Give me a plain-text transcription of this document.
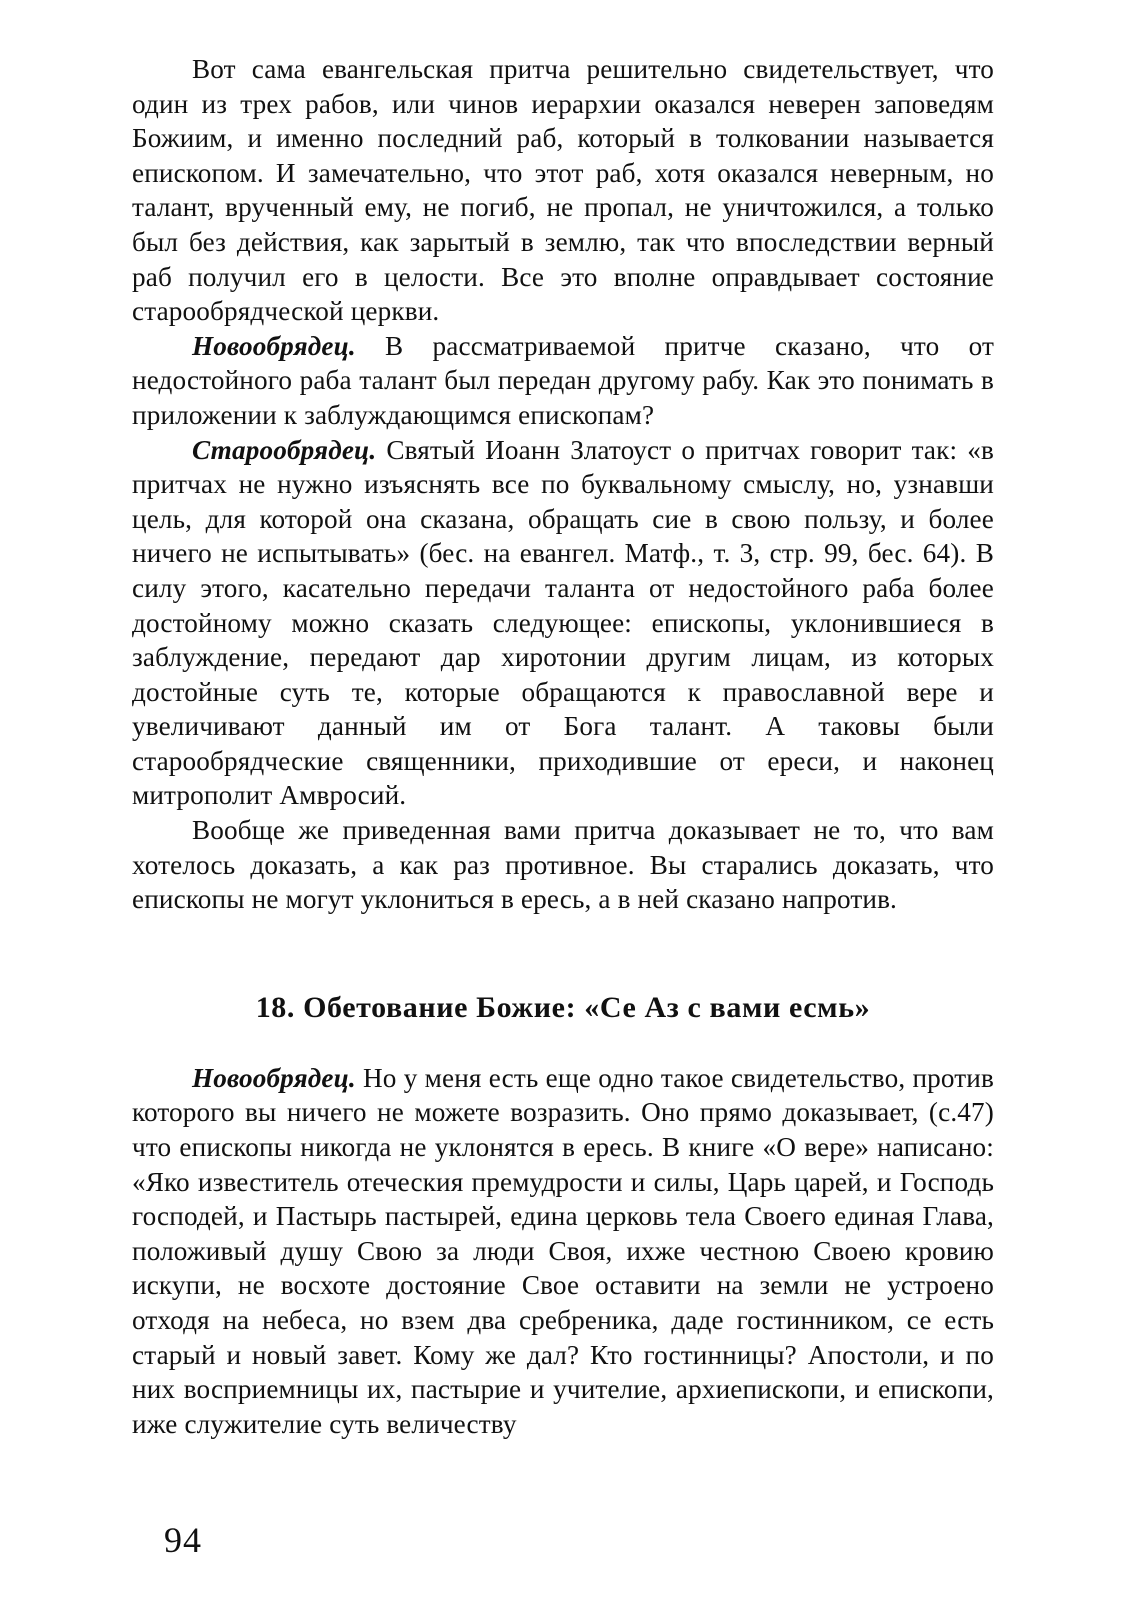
Вот сама евангельская притча решительно свидетельствует, что один из трех рабов, или чинов иерархии оказался неверен заповедям Божиим, и именно последний раб, который в толковании называется епископом. И замечательно, что этот раб, хотя оказался неверным, но талант, врученный ему, не погиб, не пропал, не уничтожился, а только был без действия, как зарытый в землю, так что впоследствии верный раб получил его в целости. Все это вполне оправдывает состояние старообрядческой церкви.

Новообрядец. В рассматриваемой притче сказано, что от недостойного раба талант был передан другому рабу. Как это понимать в приложении к заблуждающимся епископам?

Старообрядец. Святый Иоанн Златоуст о притчах говорит так: «в притчах не нужно изъяснять все по буквальному смыслу, но, узнавши цель, для которой она сказана, обращать сие в свою пользу, и более ничего не испытывать» (бес. на евангел. Матф., т. 3, стр. 99, бес. 64). В силу этого, касательно передачи таланта от недостойного раба более достойному можно сказать следующее: епископы, уклонившиеся в заблуждение, передают дар хиротонии другим лицам, из которых достойные суть те, которые обращаются к православной вере и увеличивают данный им от Бога талант. А таковы были старообрядческие священники, приходившие от ереси, и наконец митрополит Амвросий.

Вообще же приведенная вами притча доказывает не то, что вам хотелось доказать, а как раз противное. Вы старались доказать, что епископы не могут уклониться в ересь, а в ней сказано напротив.

18. Обетование Божие: «Се Аз с вами есмь»

Новообрядец. Но у меня есть еще одно такое свидетельство, против которого вы ничего не можете возразить. Оно прямо доказывает, (с.47) что епископы никогда не уклонятся в ересь. В книге «О вере» написано: «Яко известитель отеческия премудрости и силы, Царь царей, и Господь господей, и Пастырь пастырей, едина церковь тела Своего единая Глава, положивый душу Свою за люди Своя, ихже честною Своею кровию искупи, не восхоте достояние Свое оставити на земли не устроено отходя на небеса, но взем два сребреника, даде гостинником, се есть старый и новый завет. Кому же дал? Кто гостинницы? Апостоли, и по них восприемницы их, пастырие и учителие, архиепископи, и епископи, иже служителие суть величеству

94
